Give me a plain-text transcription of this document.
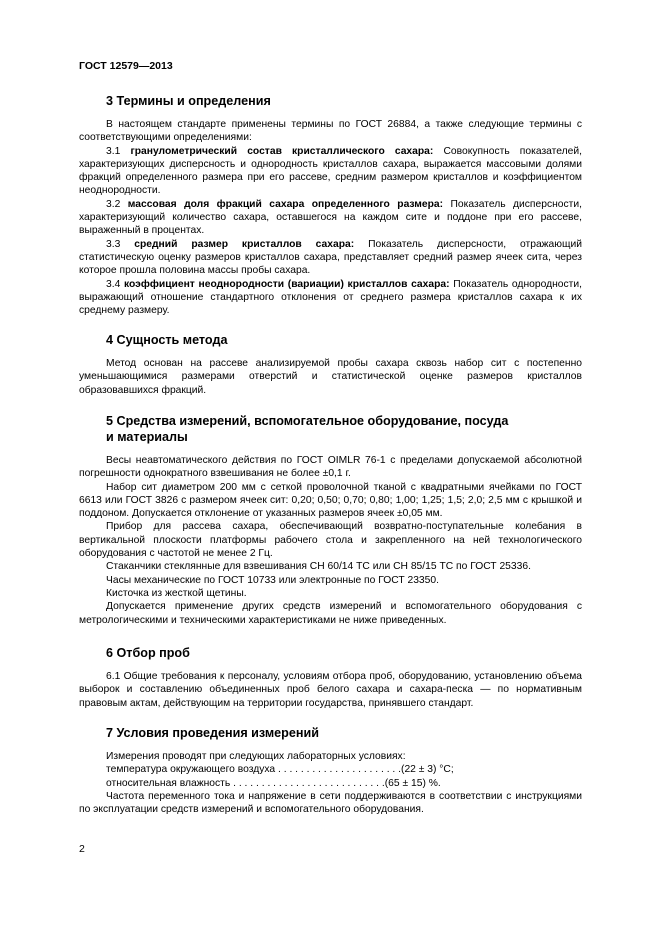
ГОСТ 12579—2013
3 Термины и определения

В настоящем стандарте применены термины по ГОСТ 26884, а также следующие термины с соответствующими определениями:

3.1 гранулометрический состав кристаллического сахара: Совокупность показателей, характеризующих дисперсность и однородность кристаллов сахара, выражается массовыми долями фракций определенного размера при его рассеве, средним размером кристаллов и коэффициентом неоднородности.

3.2 массовая доля фракций сахара определенного размера: Показатель дисперсности, характеризующий количество сахара, оставшегося на каждом сите и поддоне при его рассеве, выраженный в процентах.

3.3 средний размер кристаллов сахара: Показатель дисперсности, отражающий статистическую оценку размеров кристаллов сахара, представляет средний размер ячеек сита, через которое прошла половина массы пробы сахара.

3.4 коэффициент неоднородности (вариации) кристаллов сахара: Показатель однородности, выражающий отношение стандартного отклонения от среднего размера кристаллов сахара к их среднему размеру.

4 Сущность метода

Метод основан на рассеве анализируемой пробы сахара сквозь набор сит с постепенно уменьшающимися размерами отверстий и статистической оценке размеров кристаллов образовавшихся фракций.

5 Средства измерений, вспомогательное оборудование, посуда
и материалы

Весы неавтоматического действия по ГОСТ OIMLR 76-1 с пределами допускаемой абсолютной погрешности однократного взвешивания не более ±0,1 г.

Набор сит диаметром 200 мм с сеткой проволочной тканой с квадратными ячейками по ГОСТ 6613 или ГОСТ 3826 с размером ячеек сит: 0,20; 0,50; 0,70; 0,80; 1,00; 1,25; 1,5; 2,0; 2,5 мм с крышкой и поддоном. Допускается отклонение от указанных размеров ячеек ±0,05 мм.

Прибор для рассева сахара, обеспечивающий возвратно-поступательные колебания в вертикальной плоскости платформы рабочего стола и закрепленного на ней технологического оборудования с частотой не менее 2 Гц.

Стаканчики стеклянные для взвешивания СН 60/14 ТС или СН 85/15 ТС по ГОСТ 25336.

Часы механические по ГОСТ 10733 или электронные по ГОСТ 23350.

Кисточка из жесткой щетины.

Допускается применение других средств измерений и вспомогательного оборудования с метрологическими и техническими характеристиками не ниже приведенных.

6 Отбор проб

6.1 Общие требования к персоналу, условиям отбора проб, оборудованию, установлению объема выборок и составлению объединенных проб белого сахара и сахара-песка — по нормативным правовым актам, действующим на территории государства, принявшего стандарт.

7 Условия проведения измерений

Измерения проводят при следующих лабораторных условиях:

температура окружающего воздуха . . . . . . . . . . . . . . . . . . . . . . (22 ± 3) °С;
относительная влажность . . . . . . . . . . . . . . . . . . . . . . . . . . . (65 ± 15) %.

Частота переменного тока и напряжение в сети поддерживаются в соответствии с инструкциями по эксплуатации средств измерений и вспомогательного оборудования.

2
